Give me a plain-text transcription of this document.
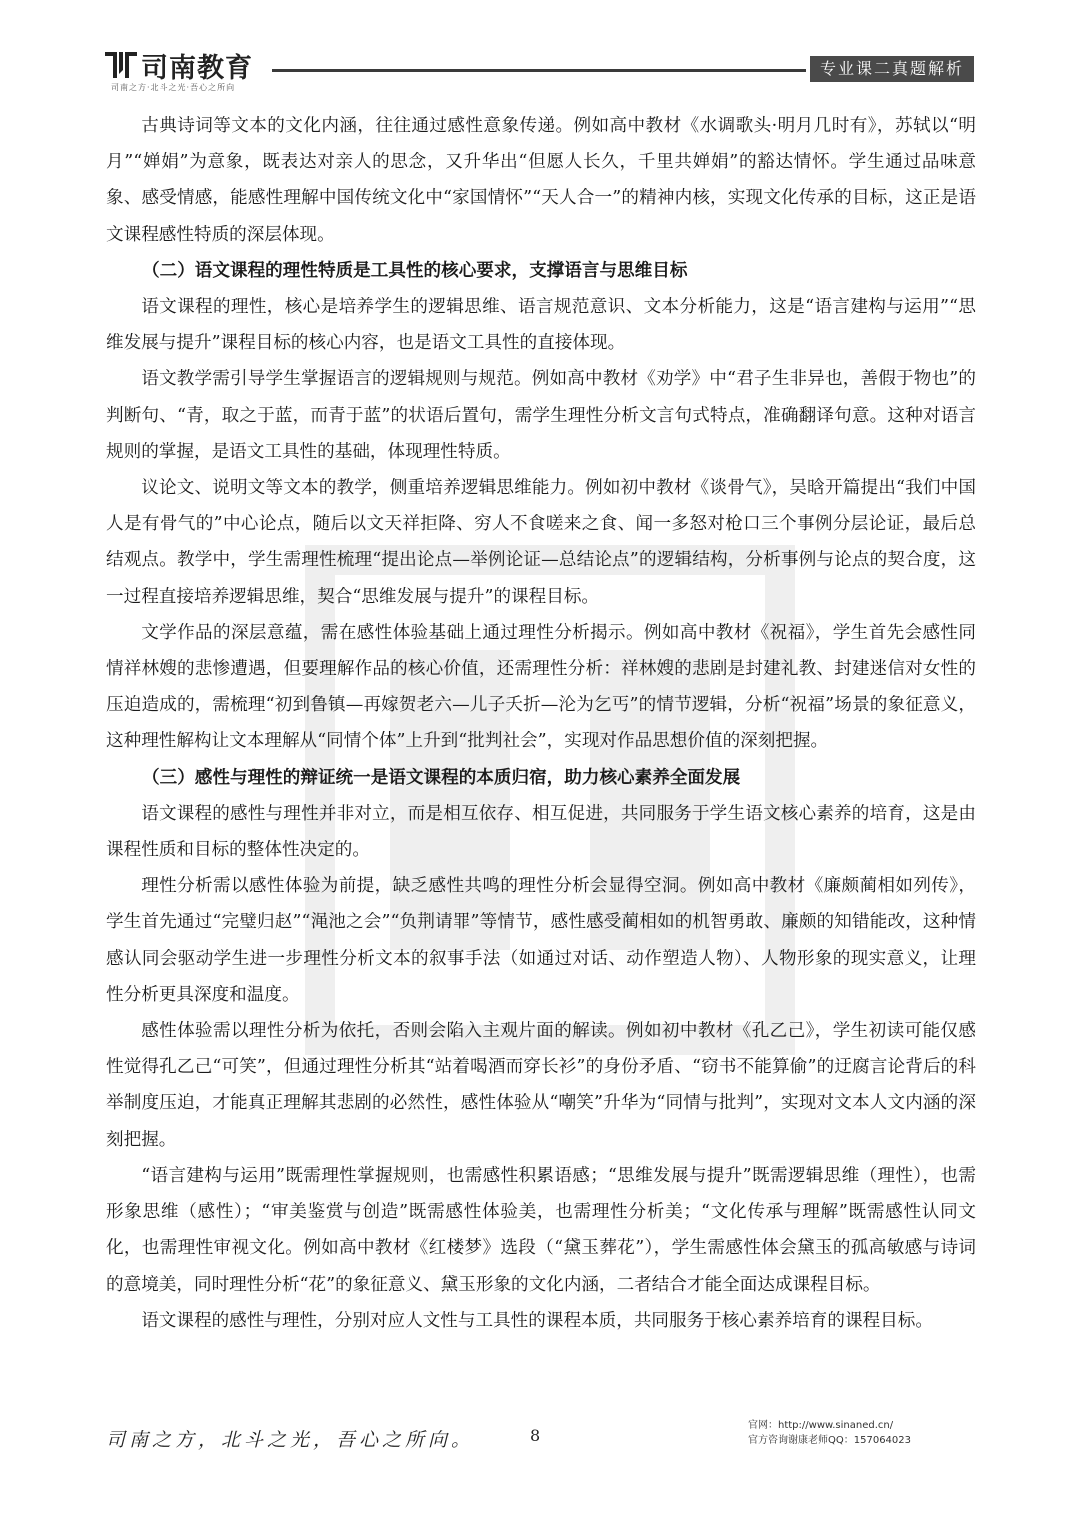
司南教育
司南之方·北斗之光·吾心之所向
专业课二真题解析

古典诗词等文本的文化内涵，往往通过感性意象传递。例如高中教材《水调歌头·明月几时有》，苏轼以“明月”“婵娟”为意象，既表达对亲人的思念，又升华出“但愿人长久，千里共婵娟”的豁达情怀。学生通过品味意象、感受情感，能感性理解中国传统文化中“家国情怀”“天人合一”的精神内核，实现文化传承的目标，这正是语文课程感性特质的深层体现。

（二）语文课程的理性特质是工具性的核心要求，支撑语言与思维目标

语文课程的理性，核心是培养学生的逻辑思维、语言规范意识、文本分析能力，这是“语言建构与运用”“思维发展与提升”课程目标的核心内容，也是语文工具性的直接体现。

语文教学需引导学生掌握语言的逻辑规则与规范。例如高中教材《劝学》中“君子生非异也，善假于物也”的判断句、“青，取之于蓝，而青于蓝”的状语后置句，需学生理性分析文言句式特点，准确翻译句意。这种对语言规则的掌握，是语文工具性的基础，体现理性特质。

议论文、说明文等文本的教学，侧重培养逻辑思维能力。例如初中教材《谈骨气》，吴晗开篇提出“我们中国人是有骨气的”中心论点，随后以文天祥拒降、穷人不食嗟来之食、闻一多怒对枪口三个事例分层论证，最后总结观点。教学中，学生需理性梳理“提出论点—举例论证—总结论点”的逻辑结构，分析事例与论点的契合度，这一过程直接培养逻辑思维，契合“思维发展与提升”的课程目标。

文学作品的深层意蕴，需在感性体验基础上通过理性分析揭示。例如高中教材《祝福》，学生首先会感性同情祥林嫂的悲惨遭遇，但要理解作品的核心价值，还需理性分析：祥林嫂的悲剧是封建礼教、封建迷信对女性的压迫造成的，需梳理“初到鲁镇—再嫁贺老六—儿子夭折—沦为乞丐”的情节逻辑，分析“祝福”场景的象征意义，这种理性解构让文本理解从“同情个体”上升到“批判社会”，实现对作品思想价值的深刻把握。

（三）感性与理性的辩证统一是语文课程的本质归宿，助力核心素养全面发展

语文课程的感性与理性并非对立，而是相互依存、相互促进，共同服务于学生语文核心素养的培育，这是由课程性质和目标的整体性决定的。

理性分析需以感性体验为前提，缺乏感性共鸣的理性分析会显得空洞。例如高中教材《廉颇蔺相如列传》，学生首先通过“完璧归赵”“渑池之会”“负荆请罪”等情节，感性感受蔺相如的机智勇敢、廉颇的知错能改，这种情感认同会驱动学生进一步理性分析文本的叙事手法（如通过对话、动作塑造人物）、人物形象的现实意义，让理性分析更具深度和温度。

感性体验需以理性分析为依托，否则会陷入主观片面的解读。例如初中教材《孔乙己》，学生初读可能仅感性觉得孔乙己“可笑”，但通过理性分析其“站着喝酒而穿长衫”的身份矛盾、“窃书不能算偷”的迂腐言论背后的科举制度压迫，才能真正理解其悲剧的必然性，感性体验从“嘲笑”升华为“同情与批判”，实现对文本人文内涵的深刻把握。

“语言建构与运用”既需理性掌握规则，也需感性积累语感；“思维发展与提升”既需逻辑思维（理性），也需形象思维（感性）；“审美鉴赏与创造”既需感性体验美，也需理性分析美；“文化传承与理解”既需感性认同文化，也需理性审视文化。例如高中教材《红楼梦》选段（“黛玉葬花”），学生需感性体会黛玉的孤高敏感与诗词的意境美，同时理性分析“花”的象征意义、黛玉形象的文化内涵，二者结合才能全面达成课程目标。

语文课程的感性与理性，分别对应人文性与工具性的课程本质，共同服务于核心素养培育的课程目标。

司南之方，北斗之光，吾心之所向。	8
官网：http://www.sinaned.cn/
官方咨询谢康老师QQ：157064023
